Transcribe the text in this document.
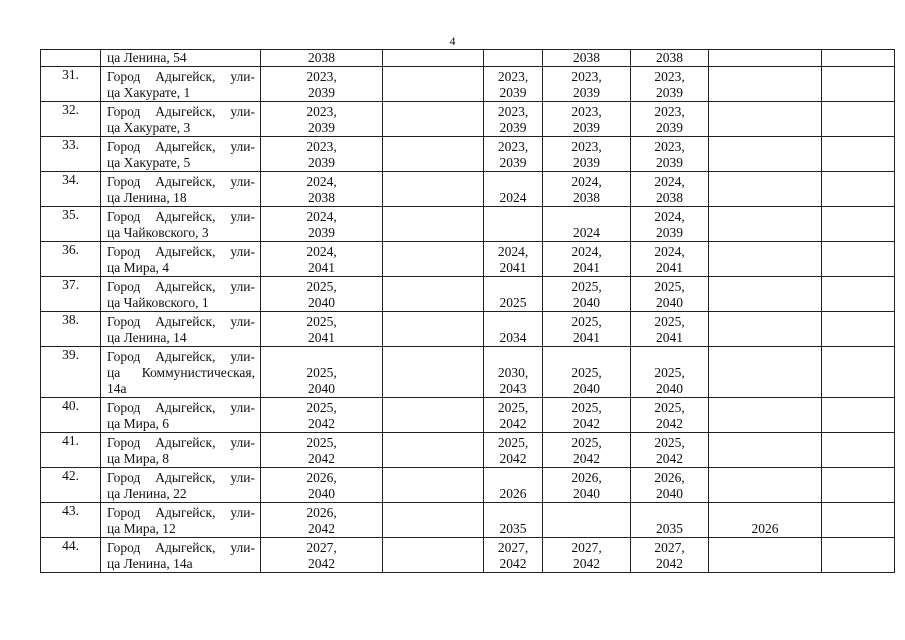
4

	ца Ленина, 54	2038			2038	2038		

31.	Город Адыгейск, ули-
ца Хакурате, 1	2023,
2039		2023,
2039	2023,
2039	2023,
2039		

32.	Город Адыгейск, ули-
ца Хакурате, 3	2023,
2039		2023,
2039	2023,
2039	2023,
2039		

33.	Город Адыгейск, ули-
ца Хакурате, 5	2023,
2039		2023,
2039	2023,
2039	2023,
2039		

34.	Город Адыгейск, ули-
ца Ленина, 18	2024,
2038		2024	2024,
2038	2024,
2038		

35.	Город Адыгейск, ули-
ца Чайковского, 3	2024,
2039			2024	2024,
2039		

36.	Город Адыгейск, ули-
ца Мира, 4	2024,
2041		2024,
2041	2024,
2041	2024,
2041		

37.	Город Адыгейск, ули-
ца Чайковского, 1	2025,
2040		2025	2025,
2040	2025,
2040		

38.	Город Адыгейск, ули-
ца Ленина, 14	2025,
2041		2034	2025,
2041	2025,
2041		

39.	Город Адыгейск, ули-
ца Коммунистическая,
14а	2025,
2040		2030,
2043	2025,
2040	2025,
2040		

40.	Город Адыгейск, ули-
ца Мира, 6	2025,
2042		2025,
2042	2025,
2042	2025,
2042		

41.	Город Адыгейск, ули-
ца Мира, 8	2025,
2042		2025,
2042	2025,
2042	2025,
2042		

42.	Город Адыгейск, ули-
ца Ленина, 22	2026,
2040		2026	2026,
2040	2026,
2040		

43.	Город Адыгейск, ули-
ца Мира, 12	2026,
2042		2035		2035	2026	

44.	Город Адыгейск, ули-
ца Ленина, 14а	2027,
2042		2027,
2042	2027,
2042	2027,
2042		
